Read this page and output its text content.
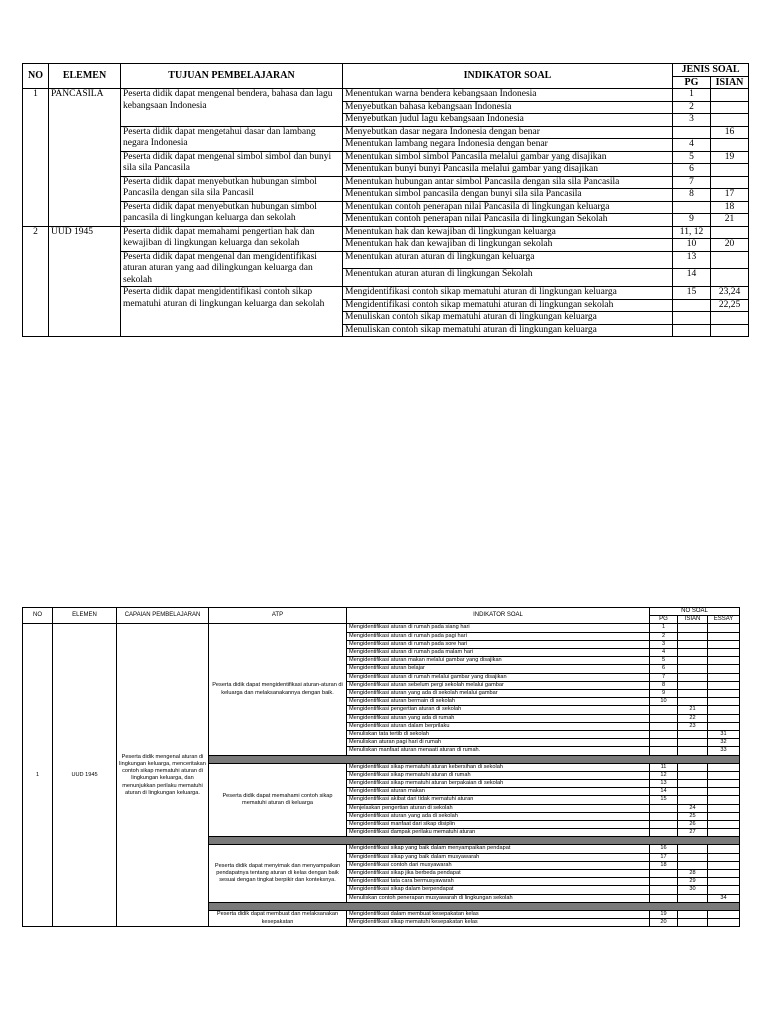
NO	ELEMEN	TUJUAN PEMBELAJARAN	INDIKATOR SOAL	JENIS SOAL	
				PG	ISIAN
1	PANCASILA	Peserta didik dapat mengenal bendera, bahasa dan lagu kebangsaan Indonesia	Menentukan warna bendera kebangsaan Indonesia	1	
			Menyebutkan bahasa kebangsaan Indonesia	2	
			Menyebutkan judul lagu kebangsaan Indonesia	3	
		Peserta didik dapat mengetahui dasar dan lambang negara Indonesia	Menyebutkan dasar negara Indonesia dengan benar		16
			Menentukan lambang negara Indonesia dengan benar	4	
		Peserta didik dapat mengenal simbol simbol dan bunyi sila sila Pancasila	Menentukan simbol simbol Pancasila melalui gambar yang disajikan	5	19
			Menentukan bunyi bunyi Pancasila melalui gambar yang disajikan	6	
		Peserta didik dapat menyebutkan hubungan simbol Pancasila dengan sila sila Pancasil	Menentukan hubungan antar simbol Pancasila dengan sila sila Pancasila	7	
			Menentukan simbol pancasila dengan bunyi sila sila Pancasila	8	17
		Peserta didik dapat menyebutkan hubungan simbol pancasila di lingkungan keluarga dan sekolah	Menentukan contoh penerapan nilai Pancasila di lingkungan keluarga		18
			Menentukan contoh penerapan nilai Pancasila di lingkungan Sekolah	9	21
2	UUD 1945	Peserta didik dapat memahami pengertian hak dan kewajiban di lingkungan keluarga dan sekolah	Menentukan hak dan kewajiban di lingkungan keluarga	11, 12	
			Menentukan hak dan kewajiban di lingkungan sekolah	10	20
		Peserta didik dapat mengenal dan mengidentifikasi aturan aturan yang aad dilingkungan keluarga dan sekolah	Menentukan aturan aturan di lingkungan keluarga	13	
			Menentukan aturan aturan di lingkungan Sekolah	14	
		Peserta didik dapat mengidentifikasi contoh sikap mematuhi aturan di lingkungan keluarga dan sekolah	Mengidentifikasi contoh sikap mematuhi aturan di lingkungan keluarga	15	23,24
			Mengidentifikasi contoh sikap mematuhi aturan di lingkungan sekolah		22,25
			Menuliskan contoh sikap mematuhi aturan di lingkungan keluarga		
			Menuliskan contoh sikap mematuhi aturan di lingkungan keluarga		
NO	ELEMEN	CAPAIAN PEMBELAJARAN	ATP	INDIKATOR SOAL	NO SOAL		
					PG	ISIAN	ESSAY
1	UUD 1945	Peserta didik mengenal aturan di lingkungan keluarga, menceritakan contoh sikap mematuhi aturan di lingkungan keluarga, dan menunjukkan perilaku mematuhi aturan di lingkungan keluarga.	Peserta didik dapat mengidentifikasi aturan-aturan di keluarga dan melaksanakannya dengan baik.	Mengidentifikasi aturan di rumah pada siang hari	1		
				Mengidentifikasi aturan di rumah pada pagi hari	2		
				Mengidentifikasi aturan di rumah pada sore hari	3		
				Mengidentifikasi aturan di rumah pada malam hari	4		
				Mengidentifikasi aturan makan melalui gambar yang disajikan	5		
				Mengidentifikasi aturan belajar	6		
				Mengidentifikasi aturan di rumah melalui gambar yang disajikan	7		
				Mengidentifikasi aturan sebelum pergi sekolah melalui gambar	8		
				Mengidentifikasi aturan yang ada di sekolah melalui gambar	9		
				Mengidentifikasi aturan bermain di sekolah	10		
				Mengidentifikasi pengertian aturan di sekolah		21	
				Mengidentifikasi aturan yang ada di rumah		22	
				Mengidentifikasi aturan dalam berprilaku		23	
				Menuliskan tata tertib di sekolah			31
				Menuliskan aturan pagi hari di rumah			32
				Menuliskan manfaat aturan menaati aturan di rumah.			33

			Peserta didik dapat memahami contoh sikap mematuhi aturan di keluarga	Mengidentifikasi sikap mematuhi aturan kebersihan di sekolah	11		
				Mengidentifikasi sikap mematuhi aturan di rumah	12		
				Mengidentifikasi sikap mematuhi aturan berpakaian di sekolah	13		
				Mengidentifikasi aturan makan	14		
				Mengidentifikasi akibat dari tidak mematuhi aturan	15		
				Menjelaskan pengertian aturan di sekolah		24	
				Mengidentifikasi aturan yang ada di sekolah		25	
				Mengidentifikasi manfaat dari sikap disiplin		26	
				Mengidentifikasi dampak perilaku mematuhi aturan		27	

			Peserta didik dapat menyimak dan menyampaikan pendapatnya tentang aturan di kelas dengan baik sesuai dengan tingkat berpikir dan konteksnya.	Mengidentifikasi sikap yang baik dalam menyampaikan pendapat	16		
				Mengidentifikasi sikap yang baik dalam musyawarah	17		
				Mengidentifikasi contoh dari musyawarah	18		
				Mengidentifikasi sikap jika berbeda pendapat		28	
				Mengidentifikasi tata cara bermusyawarah		29	
				Mengidentifikasi sikap dalam berpendapat		30	
				Menuliskan contoh penerapan musyawarah di lingkungan sekolah			34

			Peserta didik dapat membuat dan melaksanakan kesepakatan	Mengidentifikasi dalam membuat kesepakatan kelas	19		
				Mengidentifikasi sikap mematuhi kesepakatan kelas	20		
